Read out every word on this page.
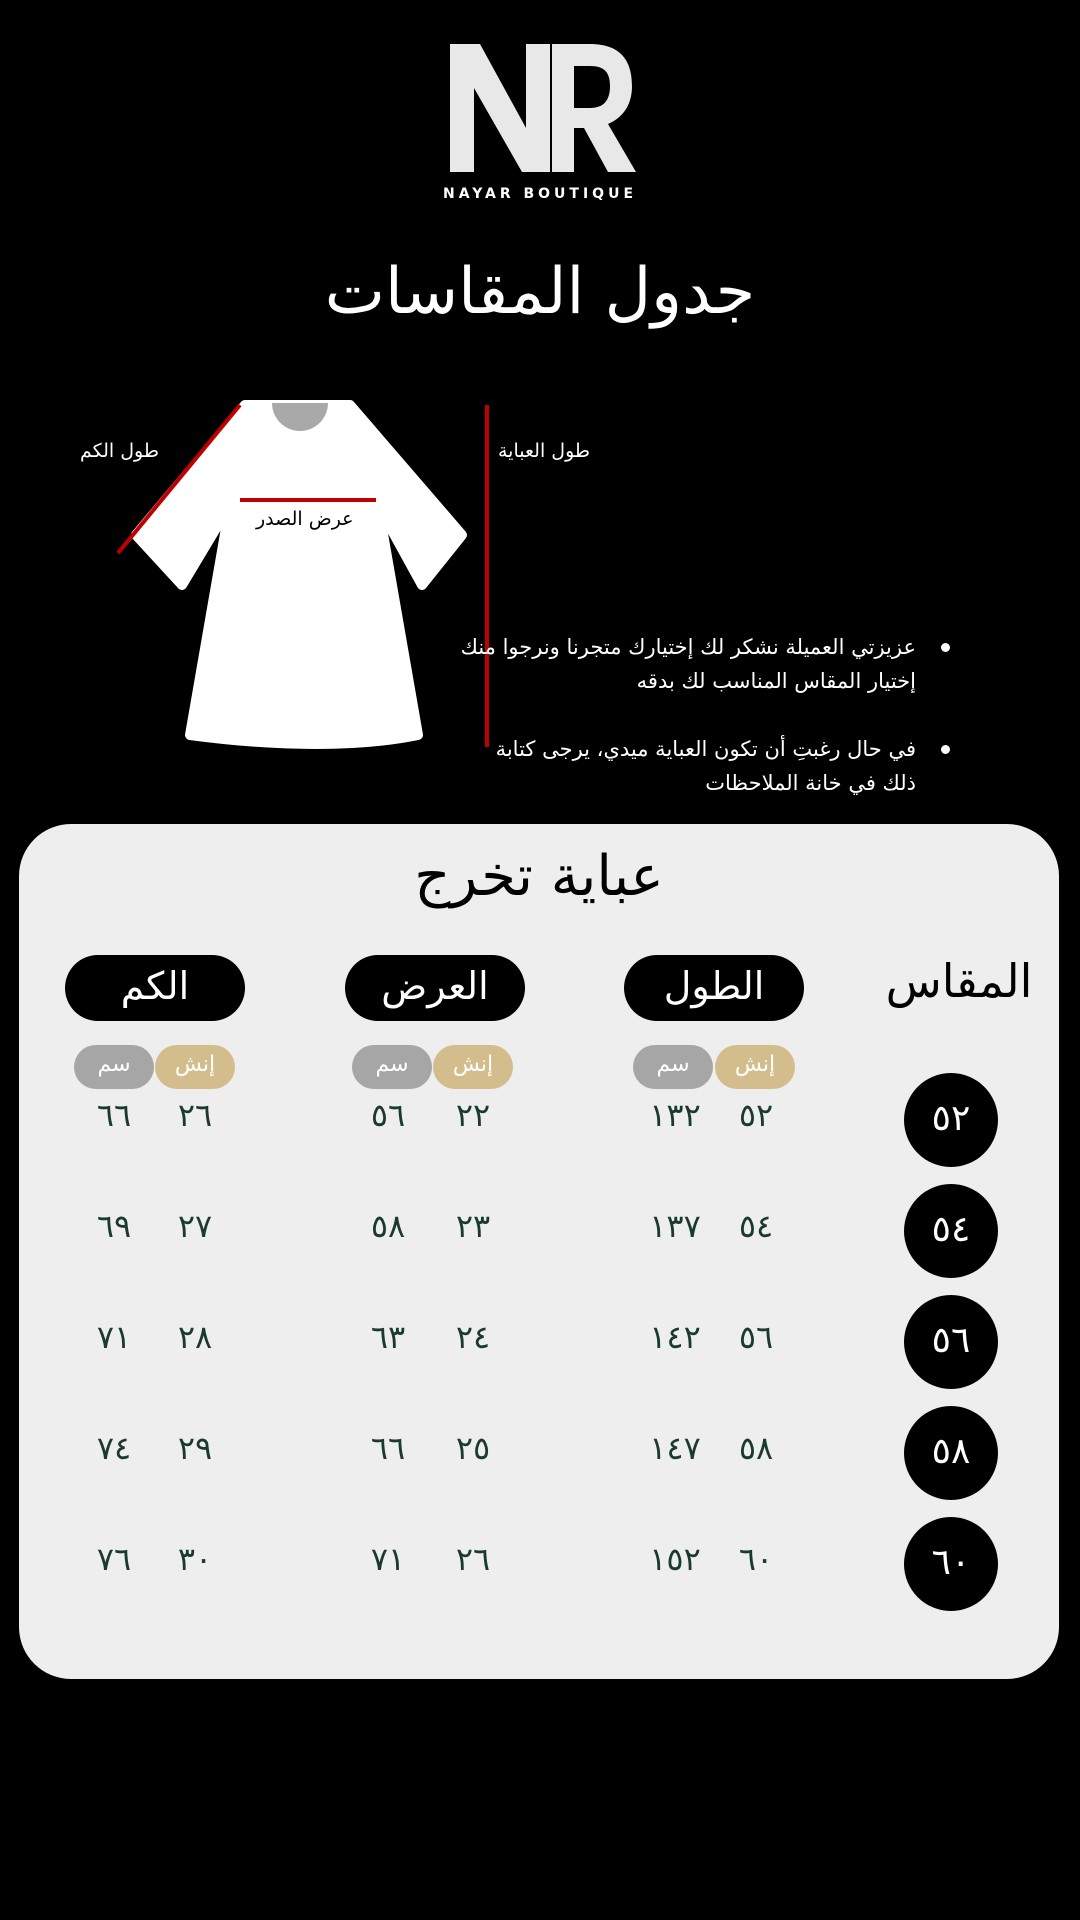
NAYAR BOUTIQUE
جدول المقاسات
طول الكم	طول العباية
عرض الصدر
عزيزتي العميلة نشكر لك إختيارك متجرنا ونرجوا منك إختيار المقاس المناسب لك بدقه
في حال رغبتِ أن تكون العباية ميدي، يرجى كتابة ذلك في خانة الملاحظات
عباية تخرج
المقاس
الطول
العرض
الكم
إنش
سم
إنش
سم
إنش
سم
٥٢
٥٢
١٣٢
٢٢
٥٦
٢٦
٦٦
٥٤
٥٤
١٣٧
٢٣
٥٨
٢٧
٦٩
٥٦
٥٦
١٤٢
٢٤
٦٣
٢٨
٧١
٥٨
٥٨
١٤٧
٢٥
٦٦
٢٩
٧٤
٦٠
٦٠
١٥٢
٢٦
٧١
٣٠
٧٦
